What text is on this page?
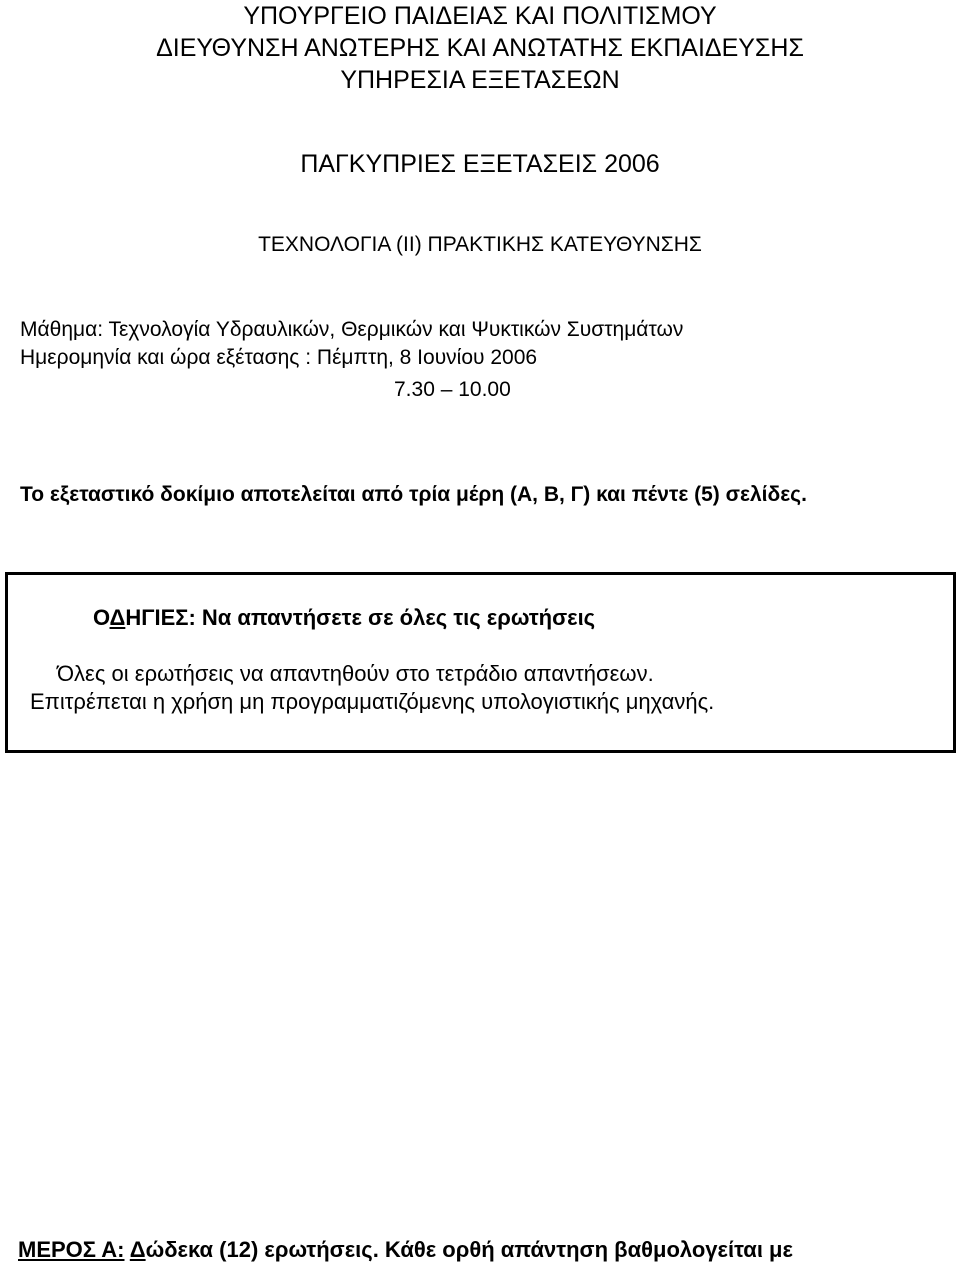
ΥΠΟΥΡΓΕΙΟ ΠΑΙΔΕΙΑΣ ΚΑΙ ΠΟΛΙΤΙΣΜΟΥ
ΔΙΕΥΘΥΝΣΗ ΑΝΩΤΕΡΗΣ ΚΑΙ ΑΝΩΤΑΤΗΣ ΕΚΠΑΙΔΕΥΣΗΣ
ΥΠΗΡΕΣΙΑ ΕΞΕΤΑΣΕΩΝ
ΠΑΓΚΥΠΡΙΕΣ ΕΞΕΤΑΣΕΙΣ 2006
ΤΕΧΝΟΛΟΓΙΑ (ΙΙ) ΠΡΑΚΤΙΚΗΣ ΚΑΤΕΥΘΥΝΣΗΣ
Μάθημα: Τεχνολογία Υδραυλικών, Θερμικών και Ψυκτικών Συστημάτων
Ημερομηνία και ώρα εξέτασης : Πέμπτη, 8 Ιουνίου 2006
7.30 – 10.00
Το εξεταστικό δοκίμιο αποτελείται από τρία μέρη (Α, Β, Γ) και πέντε (5) σελίδες.
ΟΔΗΓΙΕΣ: Να απαντήσετε σε όλες τις ερωτήσεις
Όλες οι ερωτήσεις να απαντηθούν στο τετράδιο απαντήσεων.
Επιτρέπεται η χρήση μη προγραμματιζόμενης υπολογιστικής μηχανής.
ΜΕΡΟΣ Α: Δώδεκα (12) ερωτήσεις. Κάθε ορθή απάντηση βαθμολογείται με
